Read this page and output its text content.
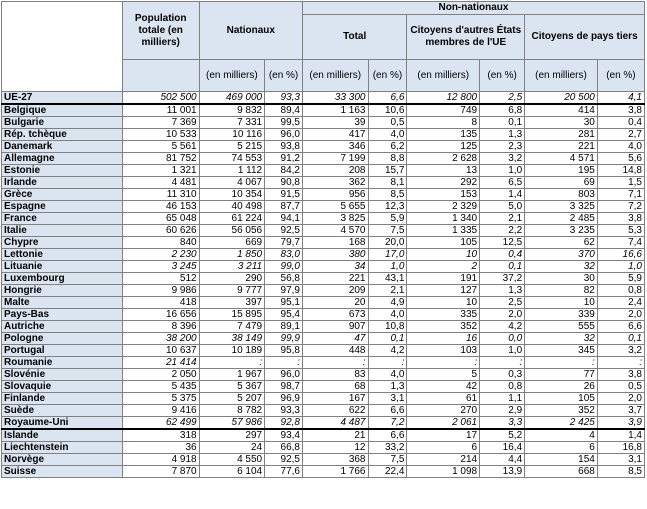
	Population totale (en milliers)	Nationaux		Non-nationaux					
				Total		Citoyens d'autres États membres de l'UE		Citoyens de pays tiers	
		(en milliers)	(en %)	(en milliers)	(en %)	(en milliers)	(en %)	(en milliers)	(en %)
UE-27	502 500	469 000	93,3	33 300	6,6	12 800	2,5	20 500	4,1
Belgique	11 001	9 832	89,4	1 163	10,6	749	6,8	414	3,8
Bulgarie	7 369	7 331	99,5	39	0,5	8	0,1	30	0,4
Rép. tchèque	10 533	10 116	96,0	417	4,0	135	1,3	281	2,7
Danemark	5 561	5 215	93,8	346	6,2	125	2,3	221	4,0
Allemagne	81 752	74 553	91,2	7 199	8,8	2 628	3,2	4 571	5,6
Estonie	1 321	1 112	84,2	208	15,7	13	1,0	195	14,8
Irlande	4 481	4 067	90,8	362	8,1	292	6,5	69	1,5
Grèce	11 310	10 354	91,5	956	8,5	153	1,4	803	7,1
Espagne	46 153	40 498	87,7	5 655	12,3	2 329	5,0	3 325	7,2
France	65 048	61 224	94,1	3 825	5,9	1 340	2,1	2 485	3,8
Italie	60 626	56 056	92,5	4 570	7,5	1 335	2,2	3 235	5,3
Chypre	840	669	79,7	168	20,0	105	12,5	62	7,4
Lettonie	2 230	1 850	83,0	380	17,0	10	0,4	370	16,6
Lituanie	3 245	3 211	99,0	34	1,0	2	0,1	32	1,0
Luxembourg	512	290	56,8	221	43,1	191	37,2	30	5,9
Hongrie	9 986	9 777	97,9	209	2,1	127	1,3	82	0,8
Malte	418	397	95,1	20	4,9	10	2,5	10	2,4
Pays-Bas	16 656	15 895	95,4	673	4,0	335	2,0	339	2,0
Autriche	8 396	7 479	89,1	907	10,8	352	4,2	555	6,6
Pologne	38 200	38 149	99,9	47	0,1	16	0,0	32	0,1
Portugal	10 637	10 189	95,8	448	4,2	103	1,0	345	3,2
Roumanie	21 414	:	:	:	:	:	:	:	:
Slovénie	2 050	1 967	96,0	83	4,0	5	0,3	77	3,8
Slovaquie	5 435	5 367	98,7	68	1,3	42	0,8	26	0,5
Finlande	5 375	5 207	96,9	167	3,1	61	1,1	105	2,0
Suède	9 416	8 782	93,3	622	6,6	270	2,9	352	3,7
Royaume-Uni	62 499	57 986	92,8	4 487	7,2	2 061	3,3	2 425	3,9
Islande	318	297	93,4	21	6,6	17	5,2	4	1,4
Liechtenstein	36	24	66,8	12	33,2	6	16,4	6	16,8
Norvège	4 918	4 550	92,5	368	7,5	214	4,4	154	3,1
Suisse	7 870	6 104	77,6	1 766	22,4	1 098	13,9	668	8,5
